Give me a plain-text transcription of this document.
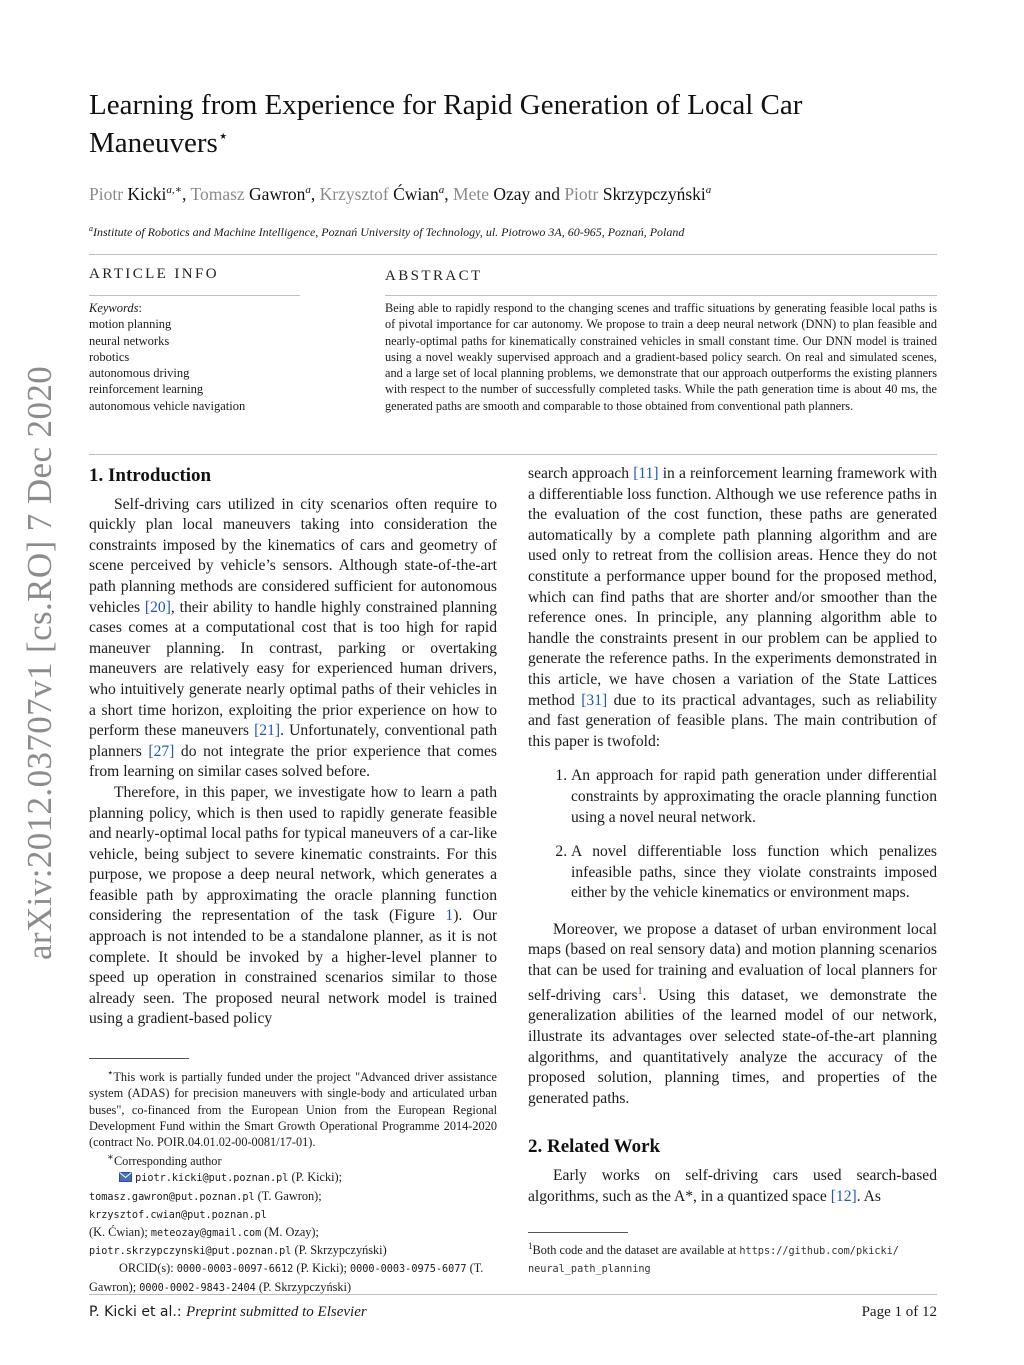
arXiv:2012.03707v1 [cs.RO] 7 Dec 2020
Learning from Experience for Rapid Generation of Local Car
Maneuvers⋆
Piotr Kicki$^{a,∗}$, Tomasz Gawron$^a$, Krzysztof Ćwian$^a$, Mete Ozay and Piotr Skrzypczyński$^a$
$^a$Institute of Robotics and Machine Intelligence, Poznań University of Technology, ul. Piotrowo 3A, 60-965, Poznań, Poland
ARTICLE INFO	ABSTRACT
Keywords:
motion planning
neural networks
robotics
autonomous driving
reinforcement learning
autonomous vehicle navigation
Being able to rapidly respond to the changing scenes and traffic situations by generating feasible local paths is of pivotal importance for car autonomy. We propose to train a deep neural network (DNN) to plan feasible and nearly-optimal paths for kinematically constrained vehicles in small constant time. Our DNN model is trained using a novel weakly supervised approach and a gradient-based policy search. On real and simulated scenes, and a large set of local planning problems, we demonstrate that our approach outperforms the existing planners with respect to the number of successfully completed tasks. While the path generation time is about 40 ms, the generated paths are smooth and comparable to those obtained from conventional path planners.
1. Introduction

Self-driving cars utilized in city scenarios often require to quickly plan local maneuvers taking into consideration the constraints imposed by the kinematics of cars and geometry of scene perceived by vehicle’s sensors. Although state-of-the-art path planning methods are considered sufficient for autonomous vehicles [20], their ability to handle highly constrained planning cases comes at a computational cost that is too high for rapid maneuver planning. In contrast, parking or overtaking maneuvers are relatively easy for experienced human drivers, who intuitively generate nearly optimal paths of their vehicles in a short time horizon, exploiting the prior experience on how to perform these maneuvers [21]. Unfortunately, conventional path planners [27] do not integrate the prior experience that comes from learning on similar cases solved before.

Therefore, in this paper, we investigate how to learn a path planning policy, which is then used to rapidly generate feasible and nearly-optimal local paths for typical maneuvers of a car-like vehicle, being subject to severe kinematic constraints. For this purpose, we propose a deep neural network, which generates a feasible path by approximating the oracle planning function considering the representation of the task (Figure 1). Our approach is not intended to be a standalone planner, as it is not complete. It should be invoked by a higher-level planner to speed up operation in constrained scenarios similar to those already seen. The proposed neural network model is trained using a gradient-based policy

⋆This work is partially funded under the project "Advanced driver assistance system (ADAS) for precision maneuvers with single-body and articulated urban buses", co-financed from the European Union from the European Regional Development Fund within the Smart Growth Operational Programme 2014-2020 (contract No. POIR.04.01.02-00-0081/17-01).
∗Corresponding author
piotr.kicki@put.poznan.pl (P. Kicki);
tomasz.gawron@put.poznan.pl (T. Gawron); krzysztof.cwian@put.poznan.pl
(K. Ćwian); meteozay@gmail.com (M. Ozay);
piotr.skrzypczynski@put.poznan.pl (P. Skrzypczyński)
ORCID(s): 0000-0003-0097-6612 (P. Kicki); 0000-0003-0975-6077 (T. Gawron); 0000-0002-9843-2404 (P. Skrzypczyński)

search approach [11] in a reinforcement learning framework with a differentiable loss function. Although we use reference paths in the evaluation of the cost function, these paths are generated automatically by a complete path planning algorithm and are used only to retreat from the collision areas. Hence they do not constitute a performance upper bound for the proposed method, which can find paths that are shorter and/or smoother than the reference ones. In principle, any planning algorithm able to handle the constraints present in our problem can be applied to generate the reference paths. In the experiments demonstrated in this article, we have chosen a variation of the State Lattices method [31] due to its practical advantages, such as reliability and fast generation of feasible plans. The main contribution of this paper is twofold:

1. An approach for rapid path generation under differential constraints by approximating the oracle planning function using a novel neural network.
2. A novel differentiable loss function which penalizes infeasible paths, since they violate constraints imposed either by the vehicle kinematics or environment maps.

Moreover, we propose a dataset of urban environment local maps (based on real sensory data) and motion planning scenarios that can be used for training and evaluation of local planners for self-driving cars$^1$. Using this dataset, we demonstrate the generalization abilities of the learned model of our network, illustrate its advantages over selected state-of-the-art planning algorithms, and quantitatively analyze the accuracy of the proposed solution, planning times, and properties of the generated paths.

2. Related Work

Early works on self-driving cars used search-based algorithms, such as the A*, in a quantized space [12]. As

$^1$Both code and the dataset are available at https://github.com/pkicki/
neural_path_planning
P. Kicki et al.: Preprint submitted to Elsevier	Page 1 of 12
